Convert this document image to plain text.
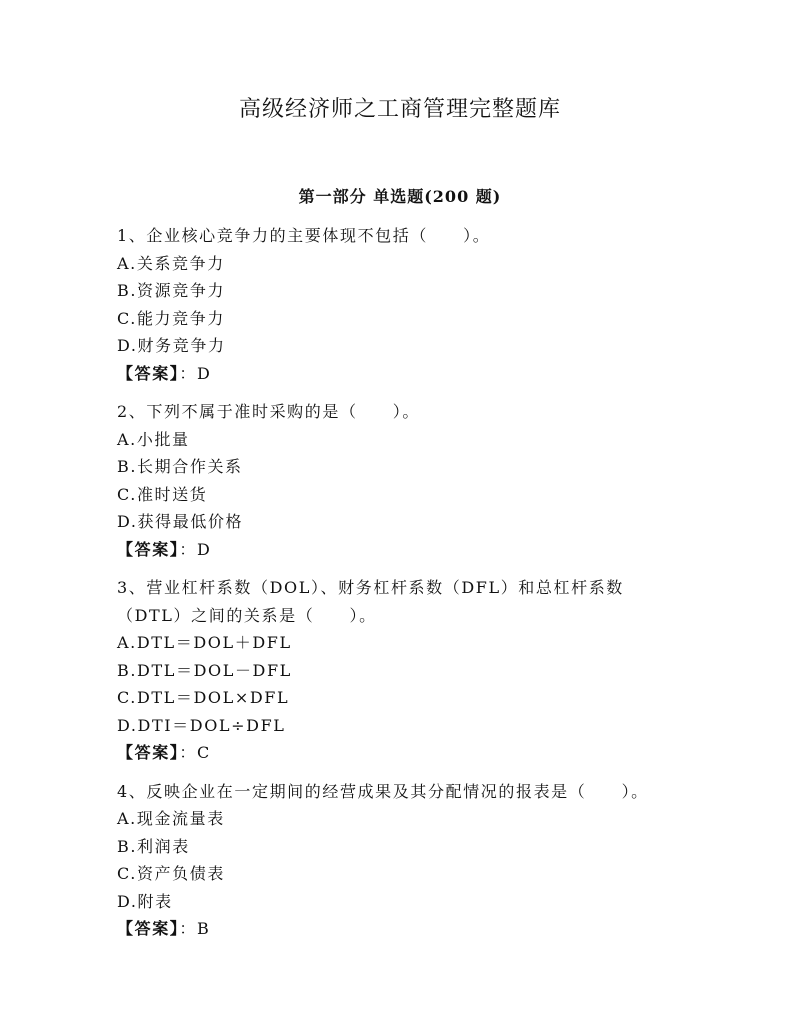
高级经济师之工商管理完整题库
第一部分 单选题(200 题)
1、企业核心竞争力的主要体现不包括（　　）。
A.关系竞争力
B.资源竞争力
C.能力竞争力
D.财务竞争力
【答案】：D
2、下列不属于准时采购的是（　　）。
A.小批量
B.长期合作关系
C.准时送货
D.获得最低价格
【答案】：D
3、营业杠杆系数（DOL）、财务杠杆系数（DFL）和总杠杆系数（DTL）之间的关系是（　　）。
A.DTL＝DOL＋DFL
B.DTL＝DOL－DFL
C.DTL＝DOL×DFL
D.DTI＝DOL÷DFL
【答案】：C
4、反映企业在一定期间的经营成果及其分配情况的报表是（　　）。
A.现金流量表
B.利润表
C.资产负债表
D.附表
【答案】：B
